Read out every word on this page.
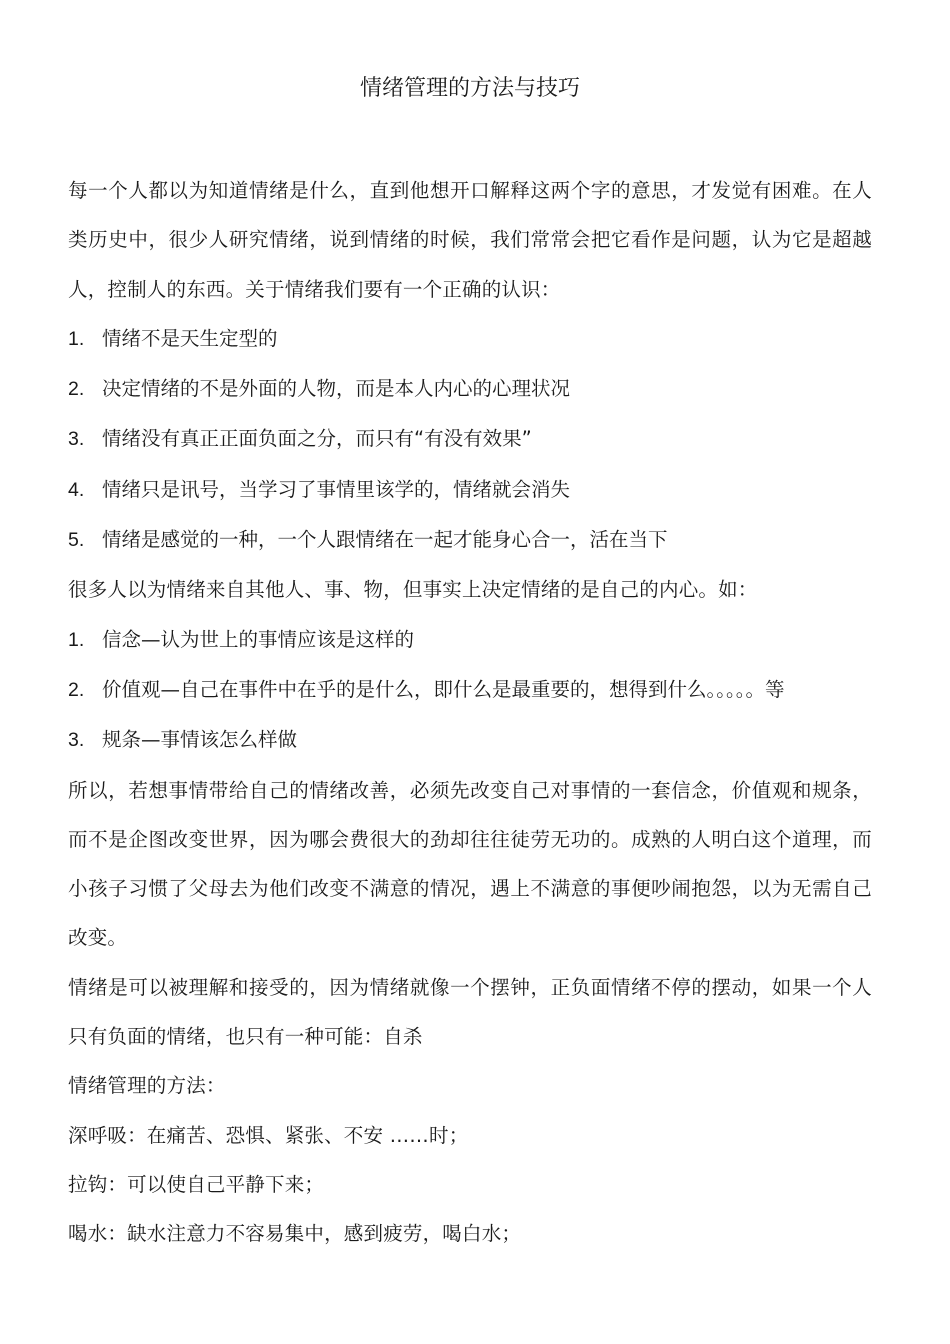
情绪管理的方法与技巧

每一个人都以为知道情绪是什么，直到他想开口解释这两个字的意思，才发觉有困难。在人类历史中，很少人研究情绪，说到情绪的时候，我们常常会把它看作是问题，认为它是超越人，控制人的东西。关于情绪我们要有一个正确的认识：

1. 情绪不是天生定型的

2. 决定情绪的不是外面的人物，而是本人内心的心理状况

3. 情绪没有真正正面负面之分，而只有“有没有效果”

4. 情绪只是讯号，当学习了事情里该学的，情绪就会消失

5. 情绪是感觉的一种，一个人跟情绪在一起才能身心合一，活在当下

很多人以为情绪来自其他人、事、物，但事实上决定情绪的是自己的内心。如：

1. 信念—认为世上的事情应该是这样的

2. 价值观—自己在事件中在乎的是什么，即什么是最重要的，想得到什么。。。。。等

3. 规条—事情该怎么样做

所以，若想事情带给自己的情绪改善，必须先改变自己对事情的一套信念，价值观和规条，而不是企图改变世界，因为哪会费很大的劲却往往徒劳无功的。成熟的人明白这个道理，而小孩子习惯了父母去为他们改变不满意的情况，遇上不满意的事便吵闹抱怨，以为无需自己改变。

情绪是可以被理解和接受的，因为情绪就像一个摆钟，正负面情绪不停的摆动，如果一个人只有负面的情绪，也只有一种可能：自杀

情绪管理的方法：

深呼吸：在痛苦、恐惧、紧张、不安 ……时；

拉钩：可以使自己平静下来；

喝水：缺水注意力不容易集中，感到疲劳，喝白水；
